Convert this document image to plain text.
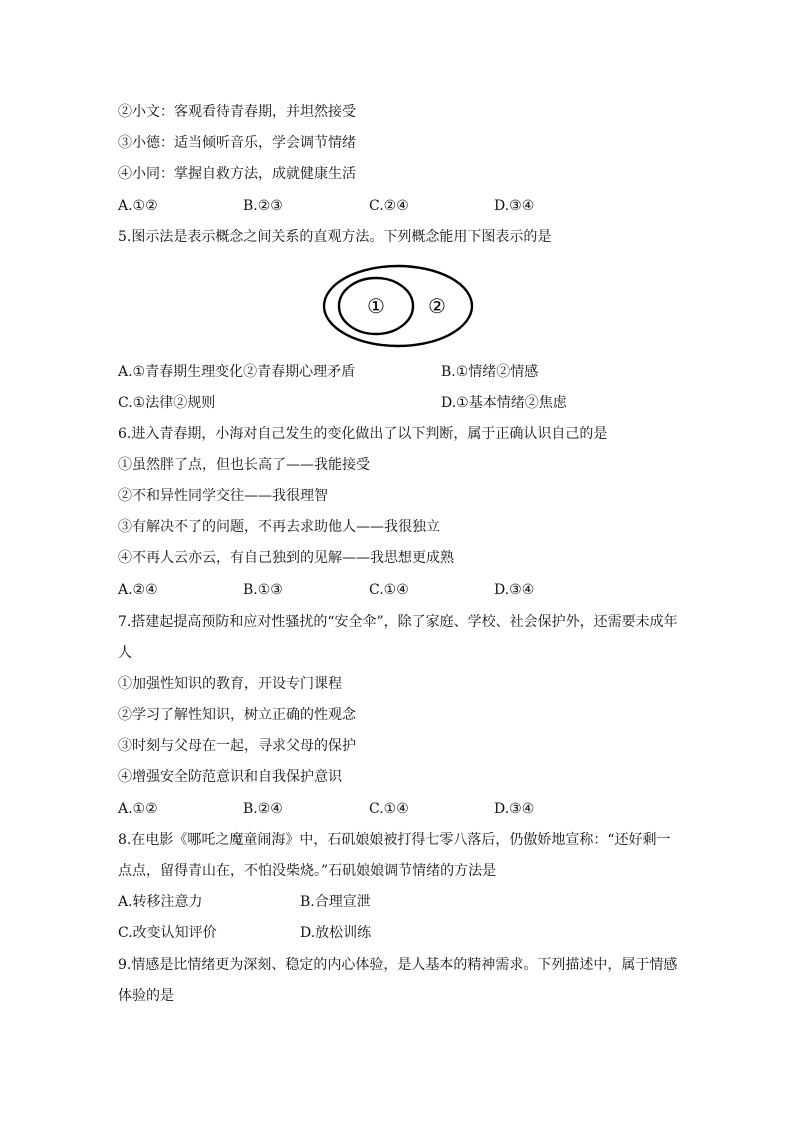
②小文：客观看待青春期，并坦然接受
③小德：适当倾听音乐，学会调节情绪
④小同：掌握自救方法，成就健康生活
A.①②	B.②③	C.②④	D.③④
5.图示法是表示概念之间关系的直观方法。下列概念能用下图表示的是
① ②
A.①青春期生理变化②青春期心理矛盾	B.①情绪②情感
C.①法律②规则	D.①基本情绪②焦虑
6.进入青春期，小海对自己发生的变化做出了以下判断，属于正确认识自己的是
①虽然胖了点，但也长高了——我能接受
②不和异性同学交往——我很理智
③有解决不了的问题，不再去求助他人——我很独立
④不再人云亦云，有自己独到的见解——我思想更成熟
A.②④	B.①③	C.①④	D.③④
7.搭建起提高预防和应对性骚扰的“安全伞”，除了家庭、学校、社会保护外，还需要未成年
人
①加强性知识的教育，开设专门课程
②学习了解性知识，树立正确的性观念
③时刻与父母在一起，寻求父母的保护
④增强安全防范意识和自我保护意识
A.①②	B.②④	C.①④	D.③④
8.在电影《哪吒之魔童闹海》中，石矶娘娘被打得七零八落后，仍傲娇地宣称：“还好剩一
点点，留得青山在，不怕没柴烧。”石矶娘娘调节情绪的方法是
A.转移注意力	B.合理宣泄
C.改变认知评价	D.放松训练
9.情感是比情绪更为深刻、稳定的内心体验，是人基本的精神需求。下列描述中，属于情感
体验的是
